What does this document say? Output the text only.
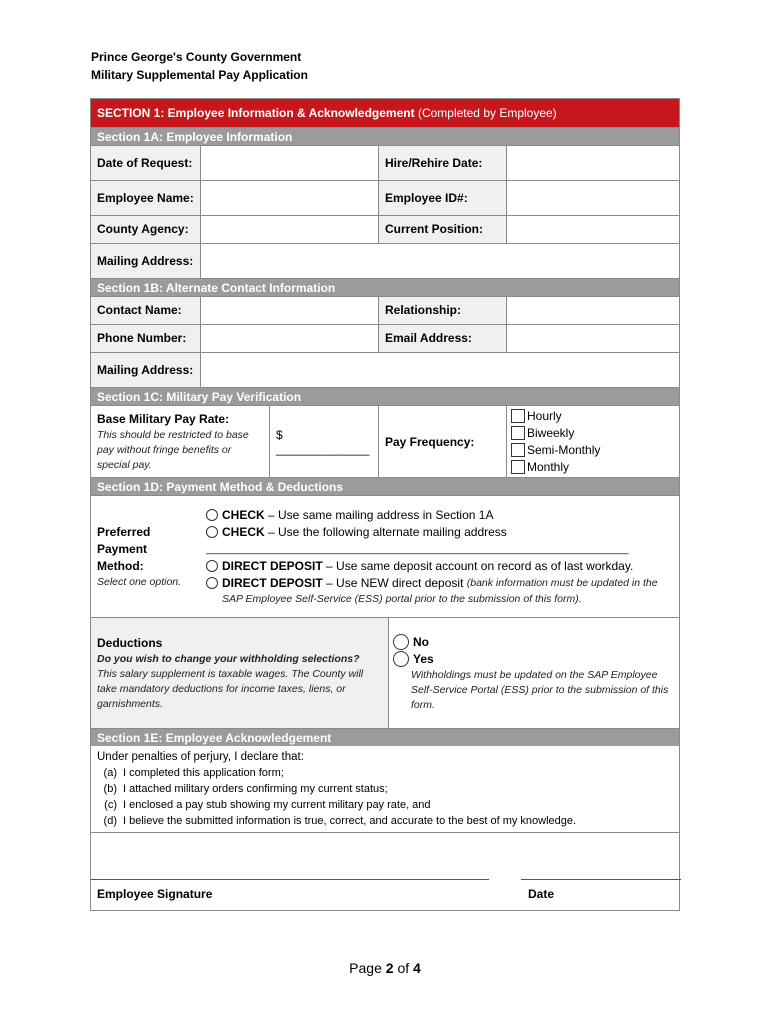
Prince George's County Government
Military Supplemental Pay Application
SECTION 1: Employee Information & Acknowledgement (Completed by Employee)
Section 1A: Employee Information
Date of Request:	Hire/Rehire Date:
Employee Name:	Employee ID#:
County Agency:	Current Position:
Mailing Address:
Section 1B: Alternate Contact Information
Contact Name:	Relationship:
Phone Number:	Email Address:
Mailing Address:
Section 1C: Military Pay Verification
Base Military Pay Rate:
This should be restricted to base pay without fringe benefits or special pay.
$ ______________	Pay Frequency:
Hourly
Biweekly
Semi-Monthly
Monthly
Section 1D: Payment Method & Deductions
Preferred Payment Method:
Select one option.
CHECK – Use same mailing address in Section 1A
CHECK – Use the following alternate mailing address
____________________________________________________________________________
DIRECT DEPOSIT – Use same deposit account on record as of last workday.
DIRECT DEPOSIT – Use NEW direct deposit
(bank information must be updated in the
SAP Employee Self-Service (ESS) portal prior to the submission of this form).
Deductions
Do you wish to change your withholding selections?
This salary supplement is taxable wages. The County will take mandatory deductions for income taxes, liens, or garnishments.
No
Yes
Withholdings must be updated on the SAP Employee Self-Service Portal (ESS) prior to the submission of this form.
Section 1E: Employee Acknowledgement
Under penalties of perjury, I declare that:
(a) I completed this application form;
(b) I attached military orders confirming my current status;
(c) I enclosed a pay stub showing my current military pay rate, and
(d) I believe the submitted information is true, correct, and accurate to the best of my knowledge.
Employee Signature	Date
Page 2 of 4
